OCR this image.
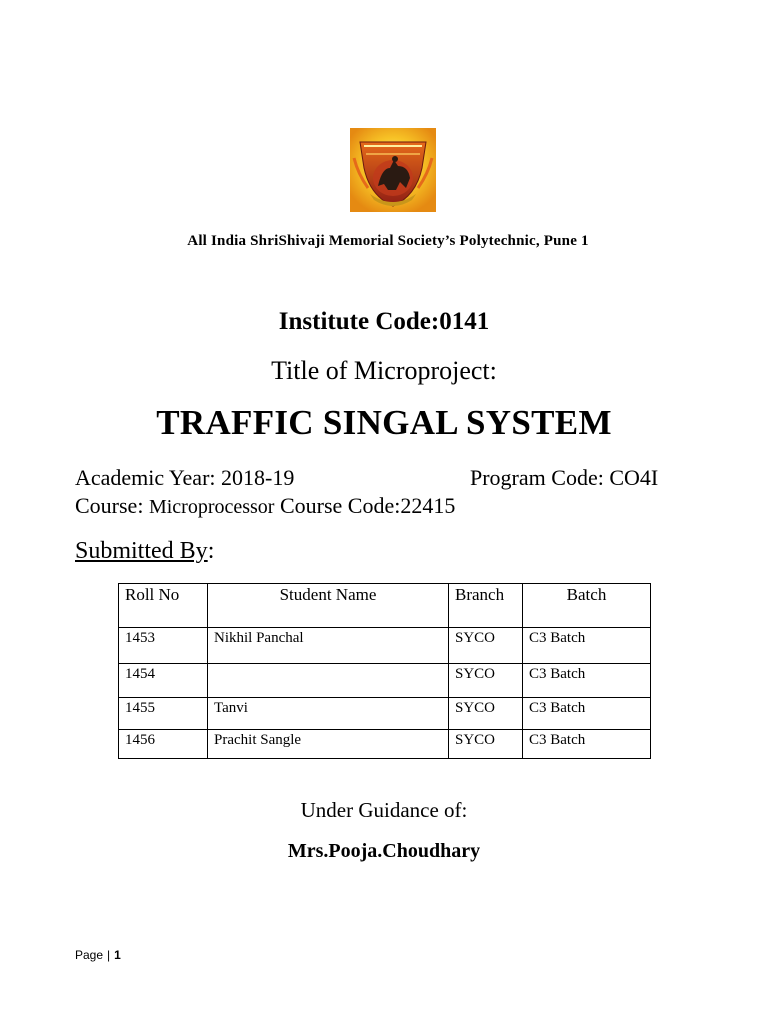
All India ShriShivaji Memorial Society’s Polytechnic, Pune 1
Institute Code:0141
Title of Microproject:
TRAFFIC SINGAL SYSTEM
Academic Year: 2018-19	Program Code: CO4I
Course: Microprocessor Course Code:22415
Submitted By:
Roll No	Student Name	Branch	Batch
1453	Nikhil Panchal	SYCO	C3 Batch
1454		SYCO	C3 Batch
1455	Tanvi	SYCO	C3 Batch
1456	Prachit Sangle	SYCO	C3 Batch
Under Guidance of:
Mrs.Pooja.Choudhary
Page | 1
